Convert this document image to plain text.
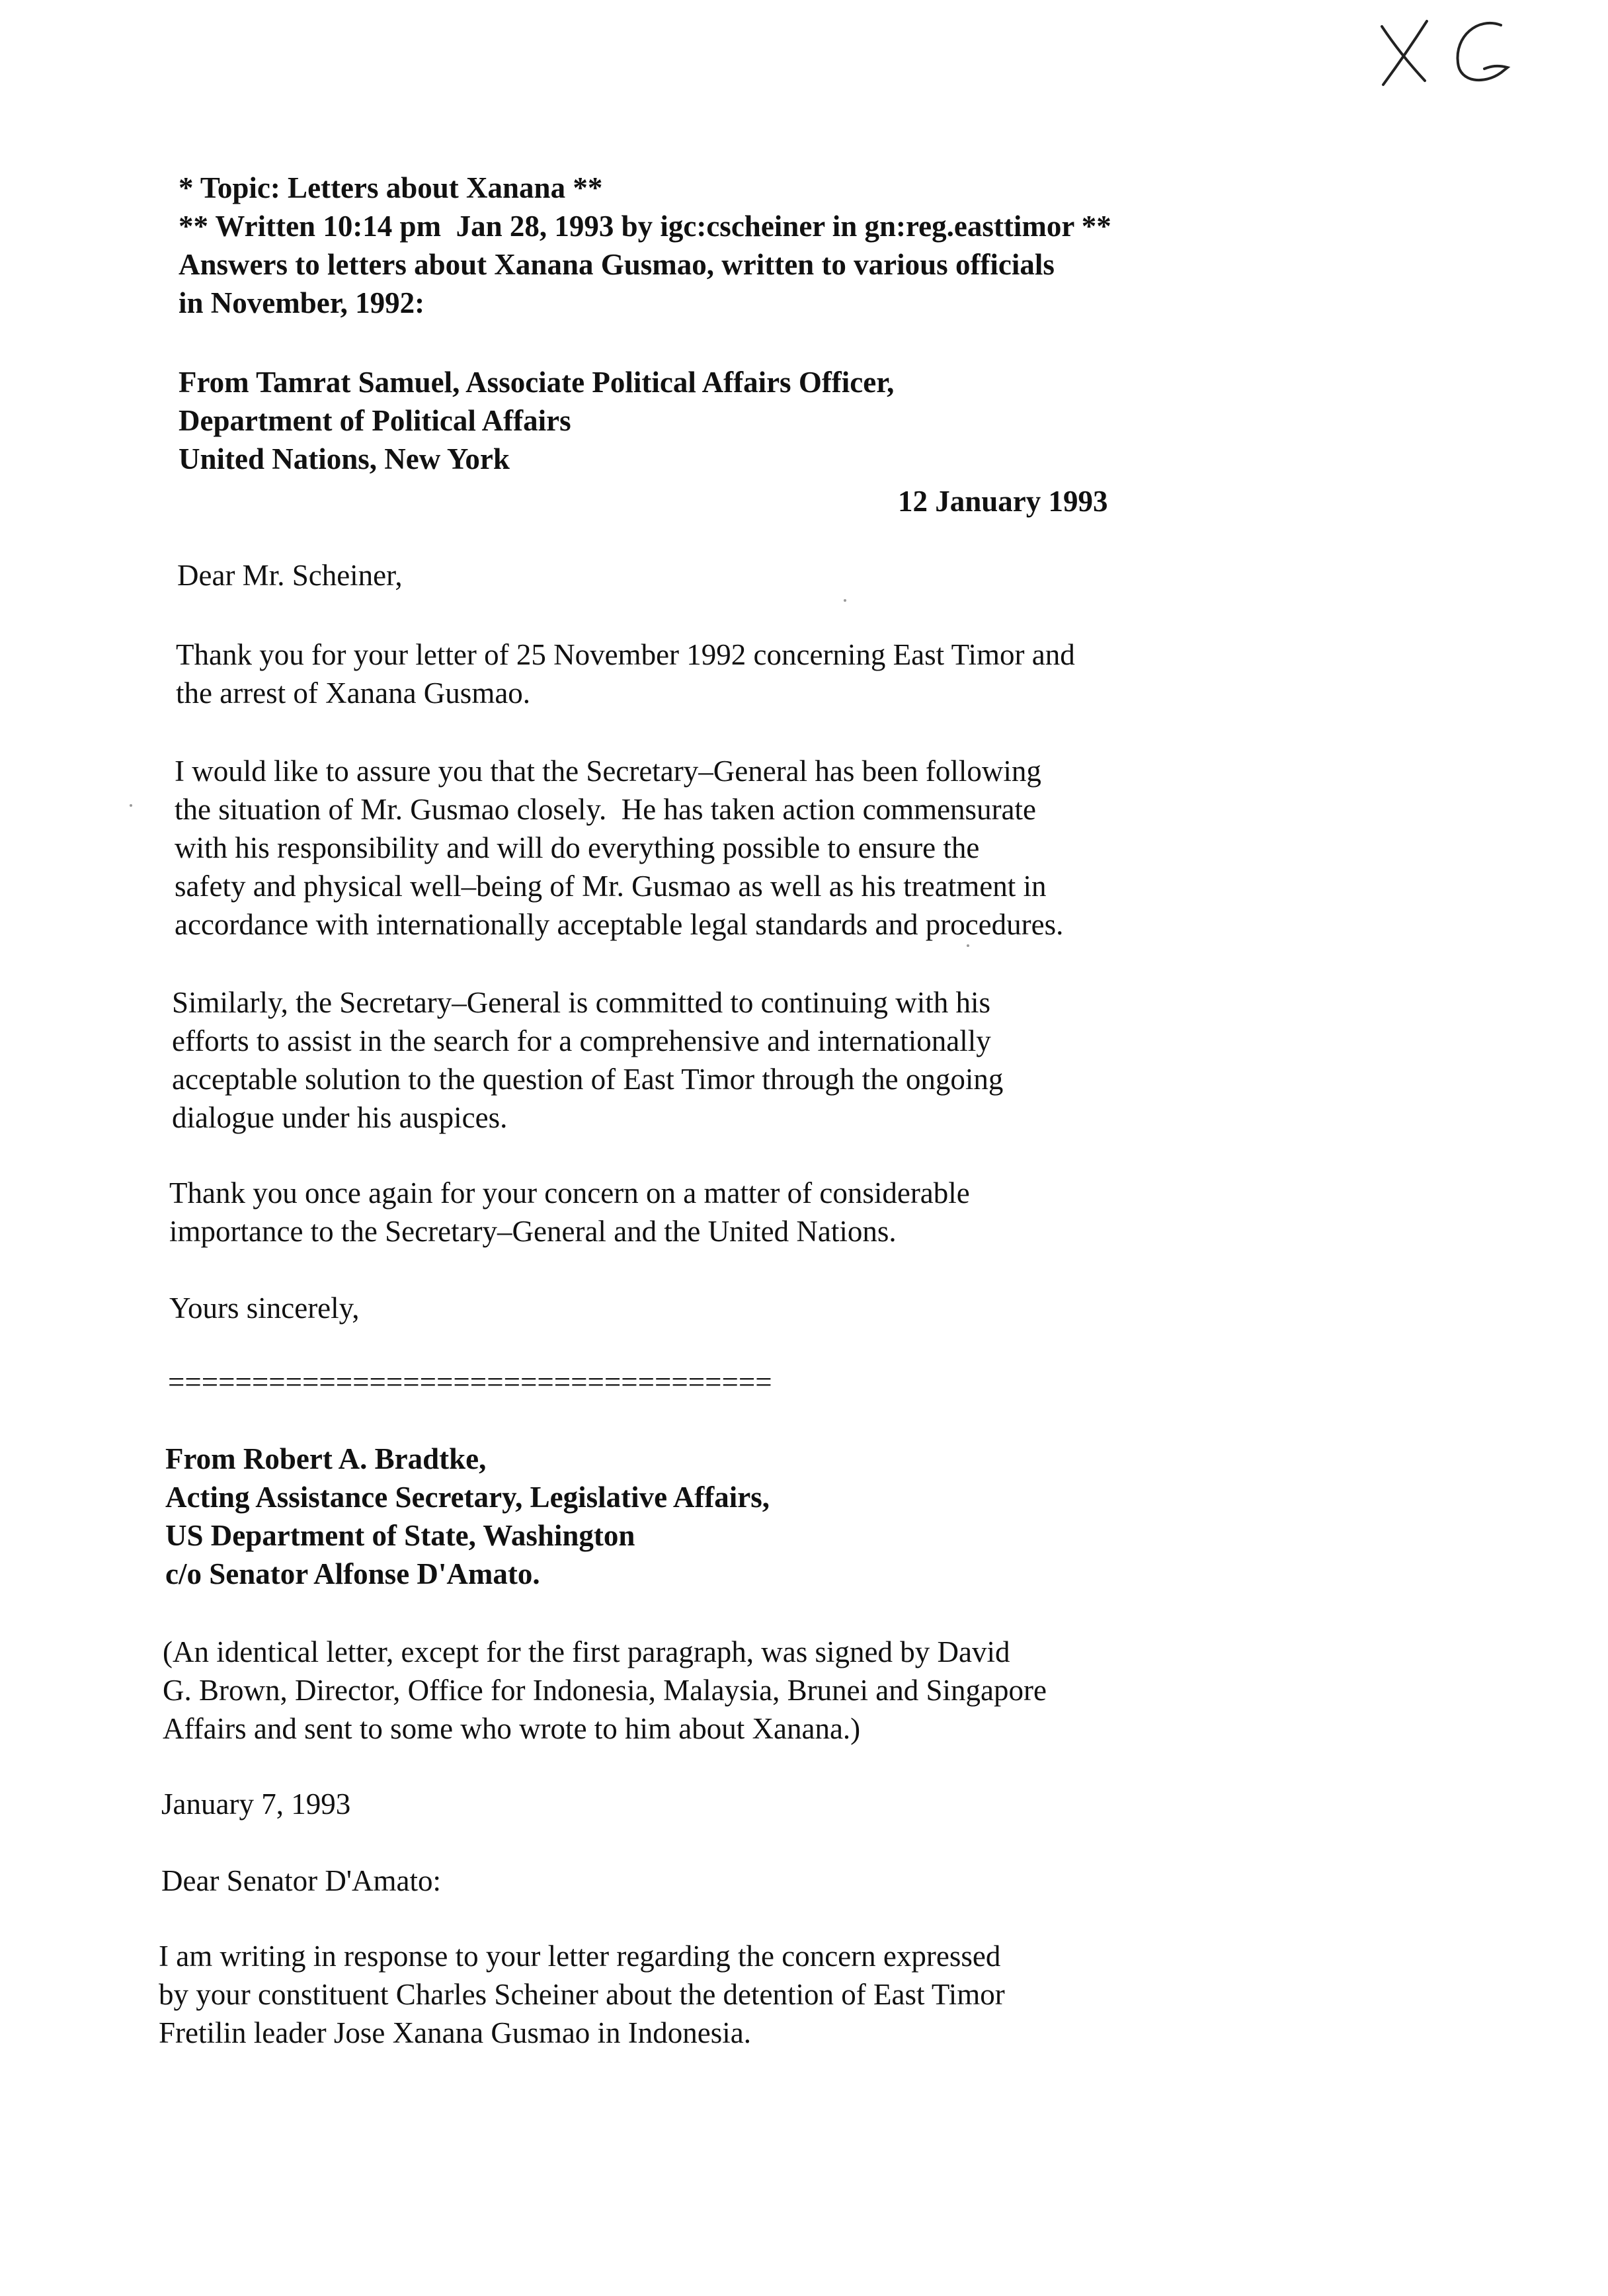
* Topic: Letters about Xanana **
** Written 10:14 pm  Jan 28, 1993 by igc:cscheiner in gn:reg.easttimor **
Answers to letters about Xanana Gusmao, written to various officials
in November, 1992:
From Tamrat Samuel, Associate Political Affairs Officer,
Department of Political Affairs
United Nations, New York
12 January 1993
Dear Mr. Scheiner,
Thank you for your letter of 25 November 1992 concerning East Timor and
the arrest of Xanana Gusmao.
I would like to assure you that the Secretary–General has been following
the situation of Mr. Gusmao closely.  He has taken action commensurate
with his responsibility and will do everything possible to ensure the
safety and physical well–being of Mr. Gusmao as well as his treatment in
accordance with internationally acceptable legal standards and procedures.
Similarly, the Secretary–General is committed to continuing with his
efforts to assist in the search for a comprehensive and internationally
acceptable solution to the question of East Timor through the ongoing
dialogue under his auspices.
Thank you once again for your concern on a matter of considerable
importance to the Secretary–General and the United Nations.
Yours sincerely,
====================================
From Robert A. Bradtke,
Acting Assistance Secretary, Legislative Affairs,
US Department of State, Washington
c/o Senator Alfonse D'Amato.
(An identical letter, except for the first paragraph, was signed by David
G. Brown, Director, Office for Indonesia, Malaysia, Brunei and Singapore
Affairs and sent to some who wrote to him about Xanana.)
January 7, 1993
Dear Senator D'Amato:
I am writing in response to your letter regarding the concern expressed
by your constituent Charles Scheiner about the detention of East Timor
Fretilin leader Jose Xanana Gusmao in Indonesia.
